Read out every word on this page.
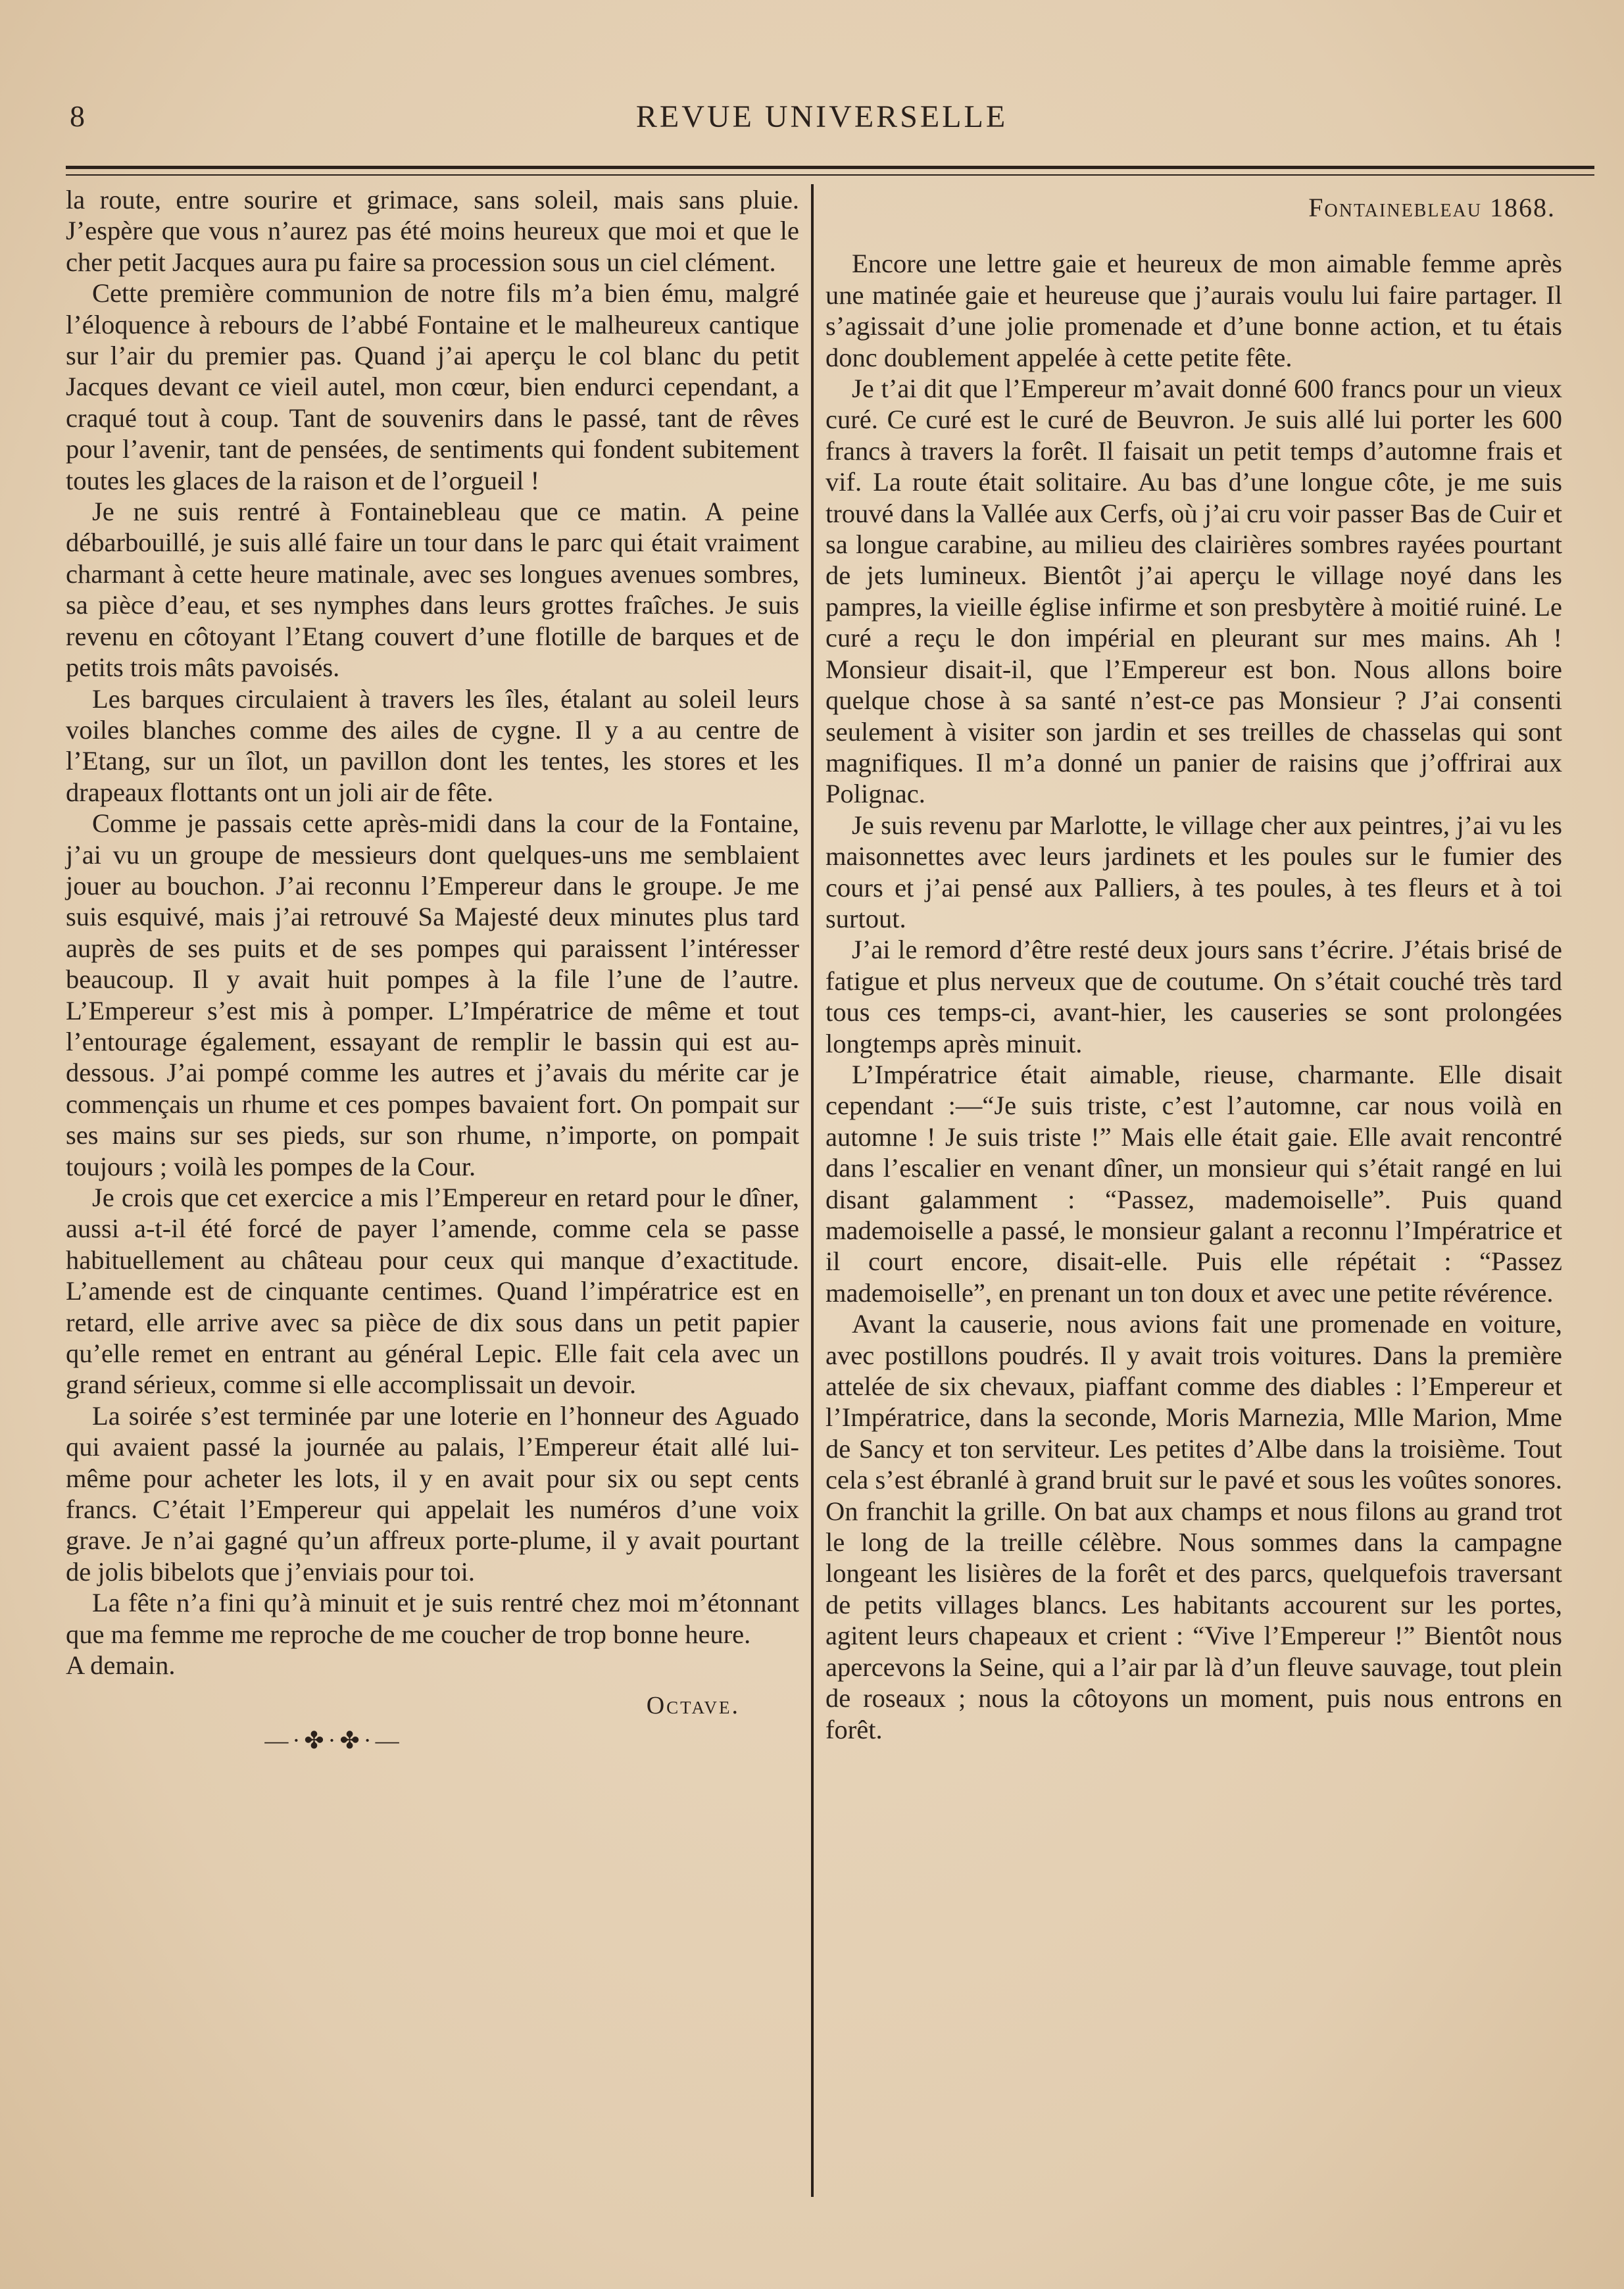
8	REVUE UNIVERSELLE

la route, entre sourire et grimace, sans soleil, mais sans pluie. J’espère que vous n’aurez pas été moins heureux que moi et que le cher petit Jacques aura pu faire sa procession sous un ciel clément.

Cette première communion de notre fils m’a bien ému, malgré l’éloquence à rebours de l’abbé Fontaine et le malheureux cantique sur l’air du premier pas. Quand j’ai aperçu le col blanc du petit Jacques devant ce vieil autel, mon cœur, bien endurci cependant, a craqué tout à coup. Tant de souvenirs dans le passé, tant de rêves pour l’avenir, tant de pensées, de sentiments qui fondent subitement toutes les glaces de la raison et de l’orgueil !

Je ne suis rentré à Fontainebleau que ce matin. A peine débarbouillé, je suis allé faire un tour dans le parc qui était vraiment charmant à cette heure matinale, avec ses longues avenues sombres, sa pièce d’eau, et ses nymphes dans leurs grottes fraîches. Je suis revenu en côtoyant l’Etang couvert d’une flotille de barques et de petits trois mâts pavoisés.

Les barques circulaient à travers les îles, étalant au soleil leurs voiles blanches comme des ailes de cygne. Il y a au centre de l’Etang, sur un îlot, un pavillon dont les tentes, les stores et les drapeaux flottants ont un joli air de fête.

Comme je passais cette après-midi dans la cour de la Fontaine, j’ai vu un groupe de messieurs dont quelques-uns me semblaient jouer au bouchon. J’ai reconnu l’Empereur dans le groupe. Je me suis esquivé, mais j’ai retrouvé Sa Majesté deux minutes plus tard auprès de ses puits et de ses pompes qui paraissent l’intéresser beaucoup. Il y avait huit pompes à la file l’une de l’autre. L’Empereur s’est mis à pomper. L’Impératrice de même et tout l’entourage également, essayant de remplir le bassin qui est au-dessous. J’ai pompé comme les autres et j’avais du mérite car je commençais un rhume et ces pompes bavaient fort. On pompait sur ses mains sur ses pieds, sur son rhume, n’importe, on pompait toujours ; voilà les pompes de la Cour.

Je crois que cet exercice a mis l’Empereur en retard pour le dîner, aussi a-t-il été forcé de payer l’amende, comme cela se passe habituellement au château pour ceux qui manque d’exactitude. L’amende est de cinquante centimes. Quand l’impératrice est en retard, elle arrive avec sa pièce de dix sous dans un petit papier qu’elle remet en entrant au général Lepic. Elle fait cela avec un grand sérieux, comme si elle accomplissait un devoir.

La soirée s’est terminée par une loterie en l’honneur des Aguado qui avaient passé la journée au palais, l’Empereur était allé lui-même pour acheter les lots, il y en avait pour six ou sept cents francs. C’était l’Empereur qui appelait les numéros d’une voix grave. Je n’ai gagné qu’un affreux porte-plume, il y avait pourtant de jolis bibelots que j’enviais pour toi.

La fête n’a fini qu’à minuit et je suis rentré chez moi m’étonnant que ma femme me reproche de me coucher de trop bonne heure.

A demain.

Octave.
—·✤·✤·—
Fontainebleau 1868.

Encore une lettre gaie et heureux de mon aimable femme après une matinée gaie et heureuse que j’aurais voulu lui faire partager. Il s’agissait d’une jolie promenade et d’une bonne action, et tu étais donc doublement appelée à cette petite fête.

Je t’ai dit que l’Empereur m’avait donné 600 francs pour un vieux curé. Ce curé est le curé de Beuvron. Je suis allé lui porter les 600 francs à travers la forêt. Il faisait un petit temps d’automne frais et vif. La route était solitaire. Au bas d’une longue côte, je me suis trouvé dans la Vallée aux Cerfs, où j’ai cru voir passer Bas de Cuir et sa longue carabine, au milieu des clairières sombres rayées pourtant de jets lumineux. Bientôt j’ai aperçu le village noyé dans les pampres, la vieille église infirme et son presbytère à moitié ruiné. Le curé a reçu le don impérial en pleurant sur mes mains. Ah ! Monsieur disait-il, que l’Empereur est bon. Nous allons boire quelque chose à sa santé n’est-ce pas Monsieur ? J’ai consenti seulement à visiter son jardin et ses treilles de chasselas qui sont magnifiques. Il m’a donné un panier de raisins que j’offrirai aux Polignac.

Je suis revenu par Marlotte, le village cher aux peintres, j’ai vu les maisonnettes avec leurs jardinets et les poules sur le fumier des cours et j’ai pensé aux Palliers, à tes poules, à tes fleurs et à toi surtout.

J’ai le remord d’être resté deux jours sans t’écrire. J’étais brisé de fatigue et plus nerveux que de coutume. On s’était couché très tard tous ces temps-ci, avant-hier, les causeries se sont prolongées longtemps après minuit.

L’Impératrice était aimable, rieuse, charmante. Elle disait cependant :—“Je suis triste, c’est l’automne, car nous voilà en automne ! Je suis triste !” Mais elle était gaie. Elle avait rencontré dans l’escalier en venant dîner, un monsieur qui s’était rangé en lui disant galamment : “Passez, mademoiselle”. Puis quand mademoiselle a passé, le monsieur galant a reconnu l’Impératrice et il court encore, disait-elle. Puis elle répétait : “Passez mademoiselle”, en prenant un ton doux et avec une petite révérence.

Avant la causerie, nous avions fait une promenade en voiture, avec postillons poudrés. Il y avait trois voitures. Dans la première attelée de six chevaux, piaffant comme des diables : l’Empereur et l’Impératrice, dans la seconde, Moris Marnezia, Mlle Marion, Mme de Sancy et ton serviteur. Les petites d’Albe dans la troisième. Tout cela s’est ébranlé à grand bruit sur le pavé et sous les voûtes sonores. On franchit la grille. On bat aux champs et nous filons au grand trot le long de la treille célèbre. Nous sommes dans la campagne longeant les lisières de la forêt et des parcs, quelquefois traversant de petits villages blancs. Les habitants accourent sur les portes, agitent leurs chapeaux et crient : “Vive l’Empereur !” Bientôt nous apercevons la Seine, qui a l’air par là d’un fleuve sauvage, tout plein de roseaux ; nous la côtoyons un moment, puis nous entrons en forêt.
